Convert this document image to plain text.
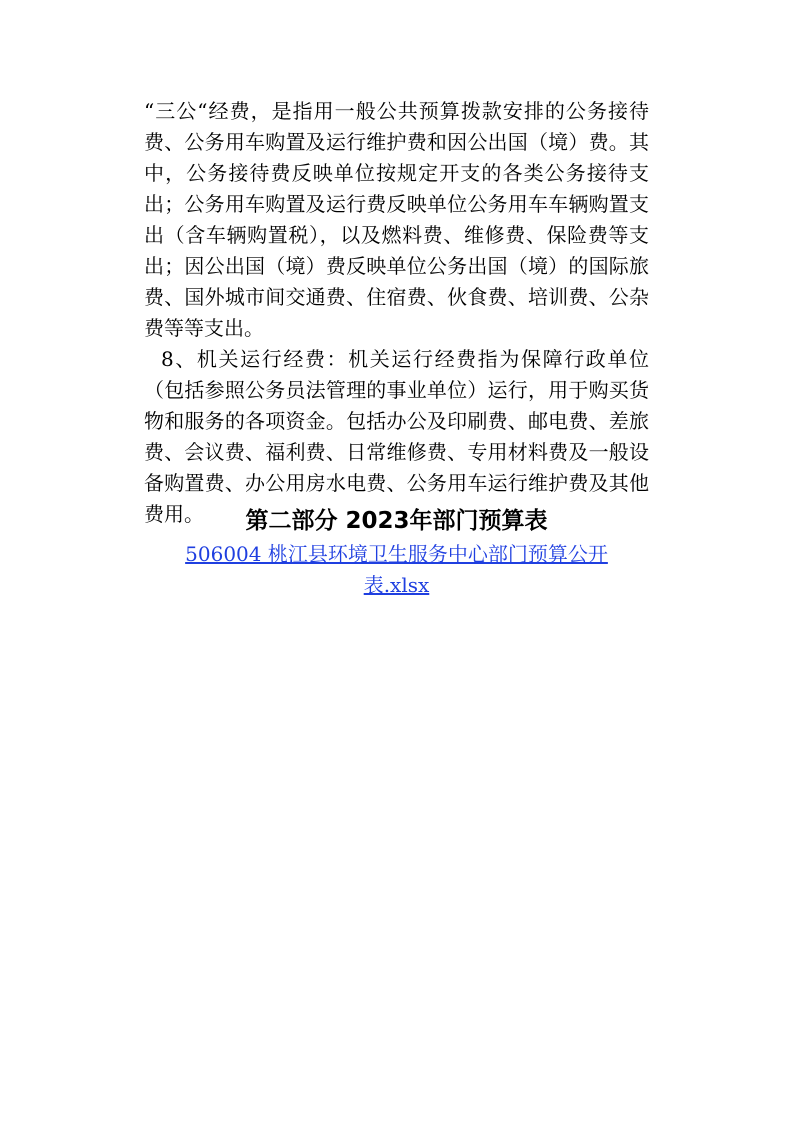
“三公“经费，是指用一般公共预算拨款安排的公务接待
费、公务用车购置及运行维护费和因公出国（境）费。其
中，公务接待费反映单位按规定开支的各类公务接待支
出；公务用车购置及运行费反映单位公务用车车辆购置支
出（含车辆购置税），以及燃料费、维修费、保险费等支
出；因公出国（境）费反映单位公务出国（境）的国际旅
费、国外城市间交通费、住宿费、伙食费、培训费、公杂
费等等支出。
8、机关运行经费：机关运行经费指为保障行政单位
（包括参照公务员法管理的事业单位）运行，用于购买货
物和服务的各项资金。包括办公及印刷费、邮电费、差旅
费、会议费、福利费、日常维修费、专用材料费及一般设
备购置费、办公用房水电费、公务用车运行维护费及其他
费用。	第二部分 2023年部门预算表
506004 桃江县环境卫生服务中心部门预算公开
表.xlsx
